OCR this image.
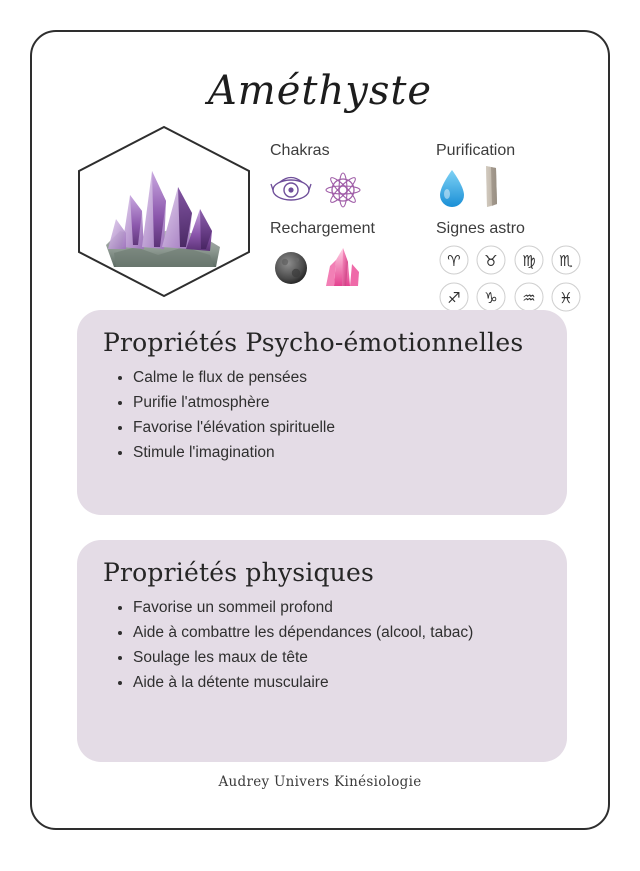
Améthyste

Chakras

Rechargement

Purification

Signes astro

♈ ♉ ♍ ♏
♐ ♑ ♒ ♓
Propriétés Psycho-émotionnelles
• Calme le flux de pensées
• Purifie l'atmosphère
• Favorise l'élévation spirituelle
• Stimule l'imagination
Propriétés physiques
• Favorise un sommeil profond
• Aide à combattre les dépendances (alcool, tabac)
• Soulage les maux de tête
• Aide à la détente musculaire
Audrey Univers Kinésiologie
